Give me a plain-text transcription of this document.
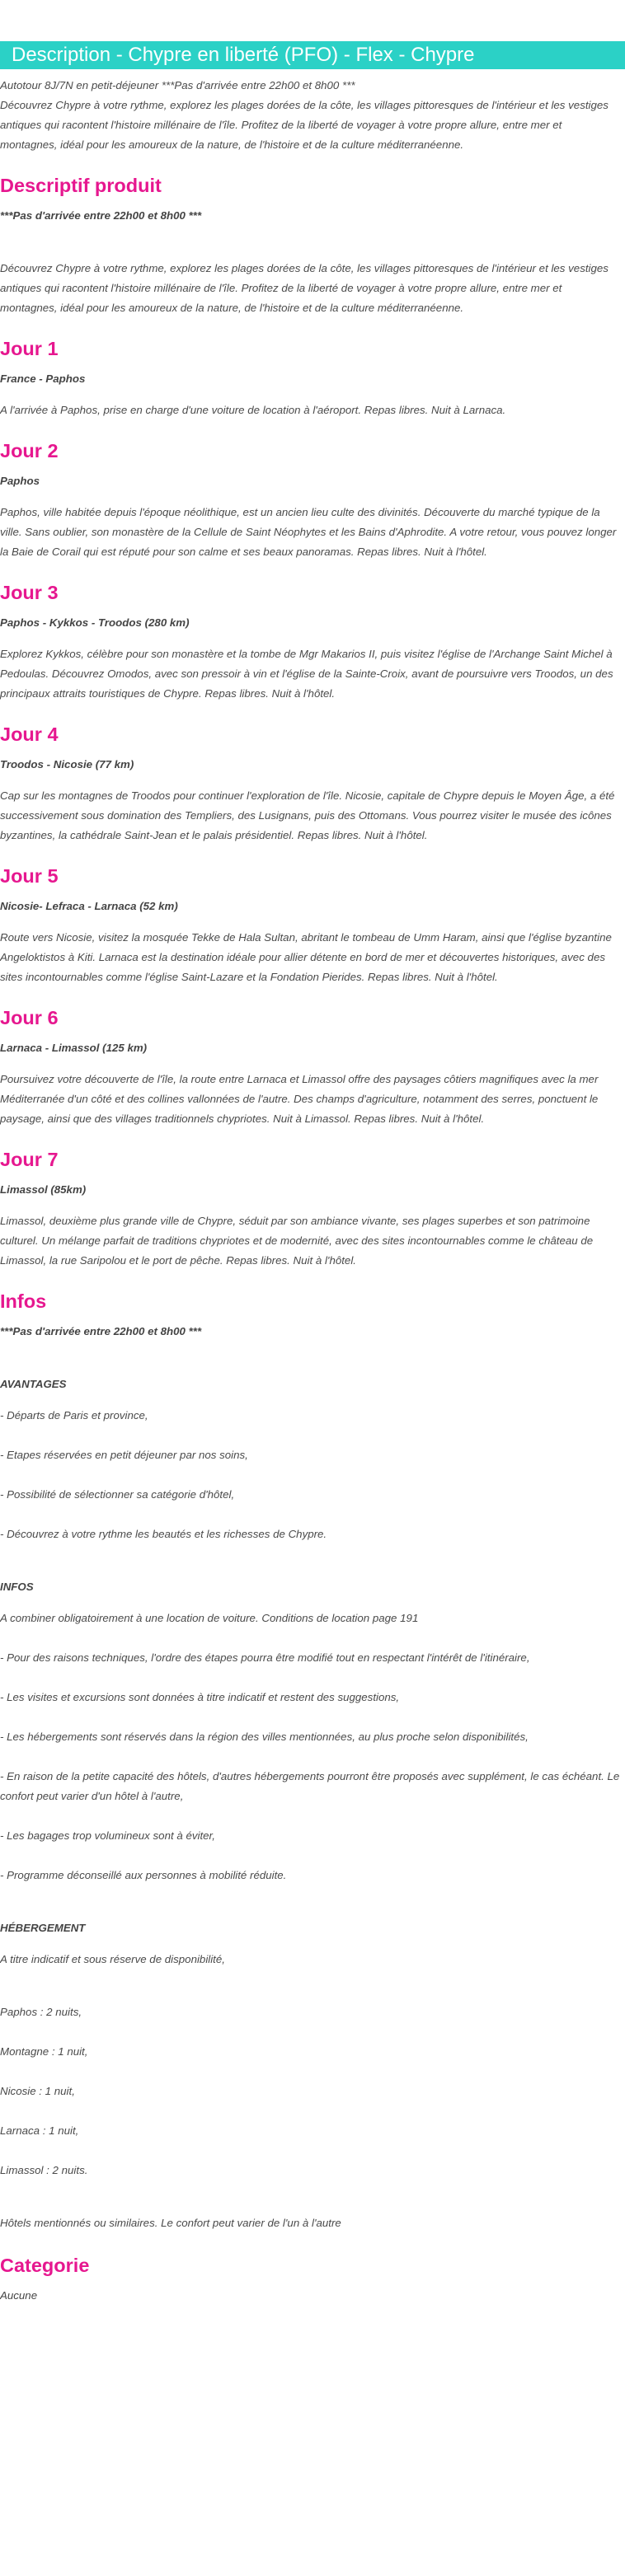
Description - Chypre en liberté (PFO) - Flex - Chypre

Autotour 8J/7N en petit-déjeuner ***Pas d'arrivée entre 22h00 et 8h00 ***

Découvrez Chypre à votre rythme, explorez les plages dorées de la côte, les villages pittoresques de l'intérieur et les vestiges antiques qui racontent l'histoire millénaire de l'île. Profitez de la liberté de voyager à votre propre allure, entre mer et montagnes, idéal pour les amoureux de la nature, de l'histoire et de la culture méditerranéenne.

Descriptif produit
***Pas d'arrivée entre 22h00 et 8h00 ***

Découvrez Chypre à votre rythme, explorez les plages dorées de la côte, les villages pittoresques de l'intérieur et les vestiges antiques qui racontent l'histoire millénaire de l'île. Profitez de la liberté de voyager à votre propre allure, entre mer et montagnes, idéal pour les amoureux de la nature, de l'histoire et de la culture méditerranéenne.

Jour 1
France - Paphos

A l'arrivée à Paphos, prise en charge d'une voiture de location à l'aéroport. Repas libres. Nuit à Larnaca.

Jour 2
Paphos

Paphos, ville habitée depuis l'époque néolithique, est un ancien lieu culte des divinités. Découverte du marché typique de la ville. Sans oublier, son monastère de la Cellule de Saint Néophytes et les Bains d'Aphrodite. A votre retour, vous pouvez longer la Baie de Corail qui est réputé pour son calme et ses beaux panoramas. Repas libres. Nuit à l'hôtel.

Jour 3
Paphos - Kykkos - Troodos (280 km)

Explorez Kykkos, célèbre pour son monastère et la tombe de Mgr Makarios II, puis visitez l'église de l'Archange Saint Michel à Pedoulas. Découvrez Omodos, avec son pressoir à vin et l'église de la Sainte-Croix, avant de poursuivre vers Troodos, un des principaux attraits touristiques de Chypre. Repas libres. Nuit à l'hôtel.

Jour 4
Troodos - Nicosie (77 km)

Cap sur les montagnes de Troodos pour continuer l'exploration de l'île. Nicosie, capitale de Chypre depuis le Moyen Âge, a été successivement sous domination des Templiers, des Lusignans, puis des Ottomans. Vous pourrez visiter le musée des icônes byzantines, la cathédrale Saint-Jean et le palais présidentiel. Repas libres. Nuit à l'hôtel.

Jour 5
Nicosie- Lefraca - Larnaca (52 km)

Route vers Nicosie, visitez la mosquée Tekke de Hala Sultan, abritant le tombeau de Umm Haram, ainsi que l'église byzantine Angeloktistos à Kiti. Larnaca est la destination idéale pour allier détente en bord de mer et découvertes historiques, avec des sites incontournables comme l'église Saint-Lazare et la Fondation Pierides. Repas libres. Nuit à l'hôtel.

Jour 6
Larnaca - Limassol (125 km)

Poursuivez votre découverte de l'île, la route entre Larnaca et Limassol offre des paysages côtiers magnifiques avec la mer Méditerranée d'un côté et des collines vallonnées de l'autre. Des champs d'agriculture, notamment des serres, ponctuent le paysage, ainsi que des villages traditionnels chypriotes. Nuit à Limassol. Repas libres. Nuit à l'hôtel.

Jour 7
Limassol (85km)

Limassol, deuxième plus grande ville de Chypre, séduit par son ambiance vivante, ses plages superbes et son patrimoine culturel. Un mélange parfait de traditions chypriotes et de modernité, avec des sites incontournables comme le château de Limassol, la rue Saripolou et le port de pêche. Repas libres. Nuit à l'hôtel.

Infos
***Pas d'arrivée entre 22h00 et 8h00 ***
AVANTAGES

- Départs de Paris et province,

- Etapes réservées en petit déjeuner par nos soins,

- Possibilité de sélectionner sa catégorie d'hôtel,

- Découvrez à votre rythme les beautés et les richesses de Chypre.

INFOS

A combiner obligatoirement à une location de voiture. Conditions de location page 191

- Pour des raisons techniques, l'ordre des étapes pourra être modifié tout en respectant l'intérêt de l'itinéraire,

- Les visites et excursions sont données à titre indicatif et restent des suggestions,

- Les hébergements sont réservés dans la région des villes mentionnées, au plus proche selon disponibilités,

- En raison de la petite capacité des hôtels, d'autres hébergements pourront être proposés avec supplément, le cas échéant. Le confort peut varier d'un hôtel à l'autre,

- Les bagages trop volumineux sont à éviter,

- Programme déconseillé aux personnes à mobilité réduite.

HÉBERGEMENT

A titre indicatif et sous réserve de disponibilité,

Paphos : 2 nuits,

Montagne : 1 nuit,

Nicosie : 1 nuit,

Larnaca : 1 nuit,

Limassol : 2 nuits.

Hôtels mentionnés ou similaires. Le confort peut varier de l'un à l'autre

Categorie

Aucune
